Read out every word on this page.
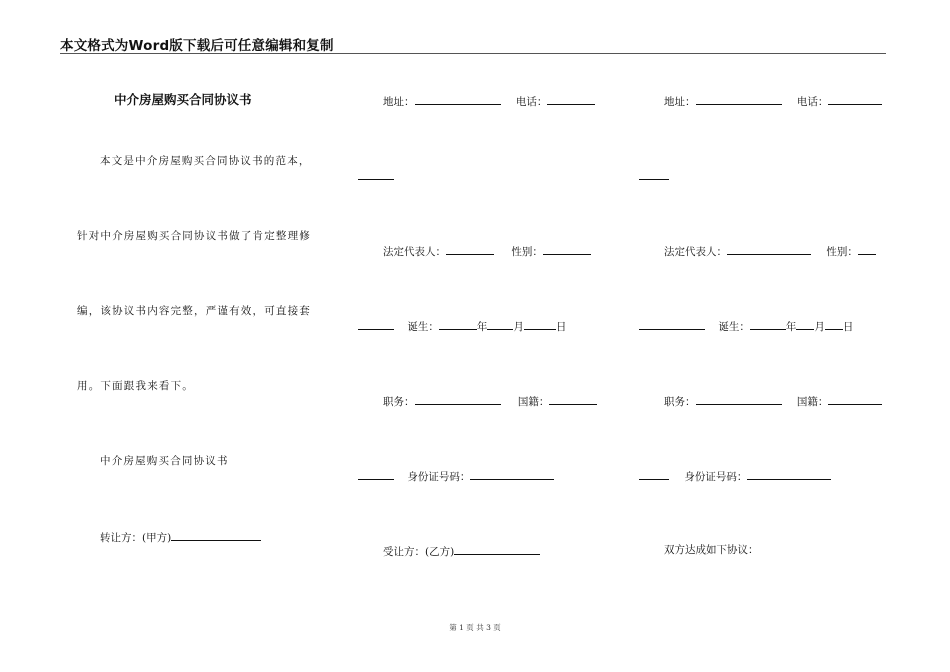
本文格式为Word版下载后可任意编辑和复制
中介房屋购买合同协议书
本文是中介房屋购买合同协议书的范本，
针对中介房屋购买合同协议书做了肯定整理修
编，该协议书内容完整，严谨有效，可直接套
用。下面跟我来看下。
中介房屋购买合同协议书
转让方：(甲方)
地址：	电话：
法定代表人：	性别：
诞生：	年 月	日
职务：	国籍：
身份证号码：
受让方：(乙方)
地址：	电话：
法定代表人：	性别：
诞生：	年 月 日
职务：	国籍：
身份证号码：
双方达成如下协议：
第 1 页 共 3 页
